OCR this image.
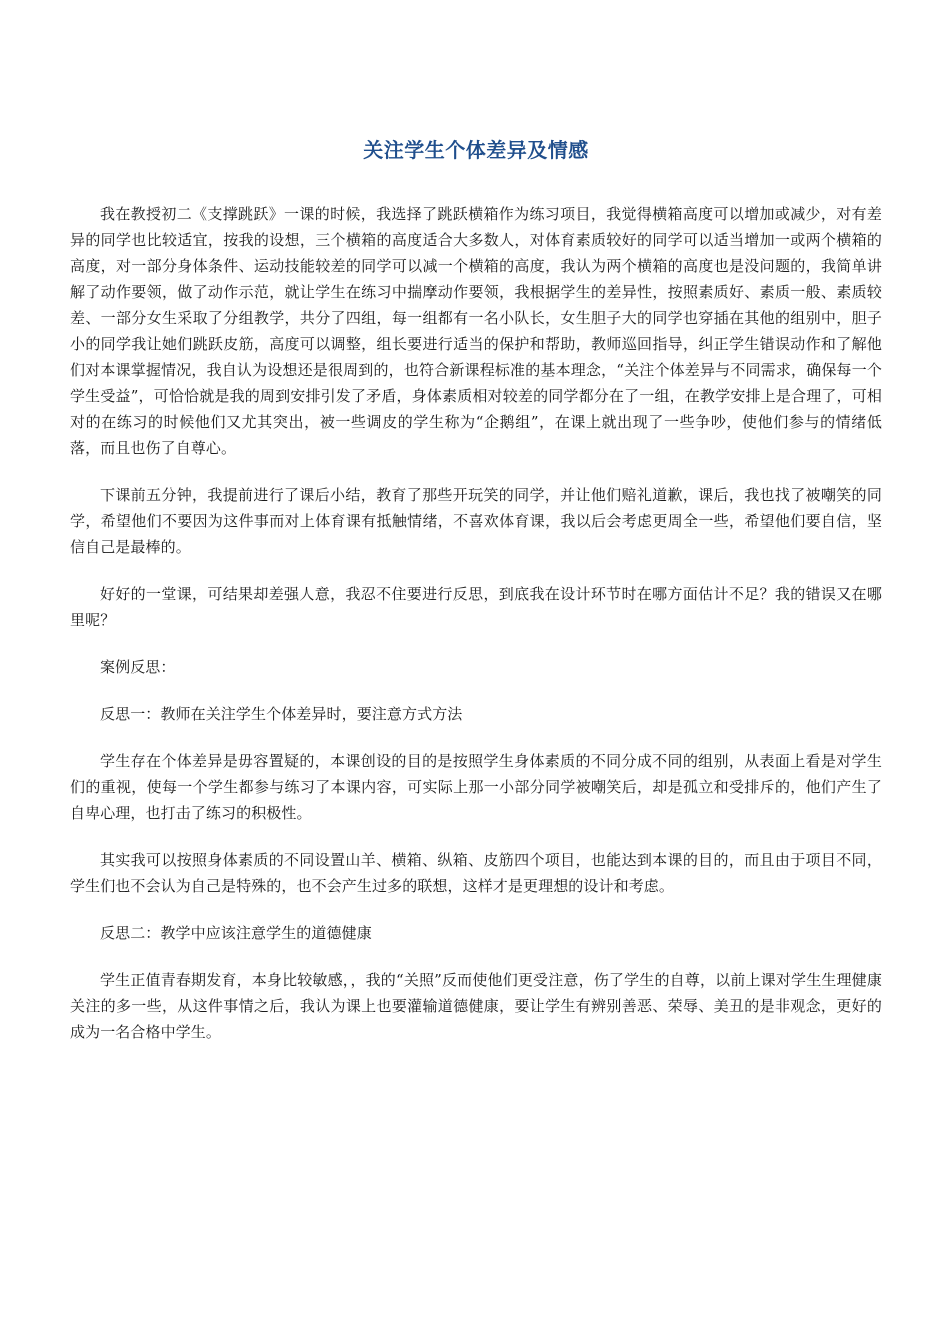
关注学生个体差异及情感

我在教授初二《支撑跳跃》一课的时候，我选择了跳跃横箱作为练习项目，我觉得横箱高度可以增加或减少，对有差异的同学也比较适宜，按我的设想，三个横箱的高度适合大多数人，对体育素质较好的同学可以适当增加一或两个横箱的高度，对一部分身体条件、运动技能较差的同学可以减一个横箱的高度，我认为两个横箱的高度也是没问题的，我简单讲解了动作要领，做了动作示范，就让学生在练习中揣摩动作要领，我根据学生的差异性，按照素质好、素质一般、素质较差、一部分女生采取了分组教学，共分了四组，每一组都有一名小队长，女生胆子大的同学也穿插在其他的组别中，胆子小的同学我让她们跳跃皮筋，高度可以调整，组长要进行适当的保护和帮助，教师巡回指导，纠正学生错误动作和了解他们对本课掌握情况，我自认为设想还是很周到的，也符合新课程标准的基本理念，“关注个体差异与不同需求，确保每一个学生受益”，可恰恰就是我的周到安排引发了矛盾，身体素质相对较差的同学都分在了一组，在教学安排上是合理了，可相对的在练习的时候他们又尤其突出，被一些调皮的学生称为“企鹅组”，在课上就出现了一些争吵，使他们参与的情绪低落，而且也伤了自尊心。

下课前五分钟，我提前进行了课后小结，教育了那些开玩笑的同学，并让他们赔礼道歉，课后，我也找了被嘲笑的同学，希望他们不要因为这件事而对上体育课有抵触情绪，不喜欢体育课，我以后会考虑更周全一些，希望他们要自信，坚信自己是最棒的。

好好的一堂课，可结果却差强人意，我忍不住要进行反思，到底我在设计环节时在哪方面估计不足？我的错误又在哪里呢？

案例反思：

反思一：教师在关注学生个体差异时，要注意方式方法

学生存在个体差异是毋容置疑的，本课创设的目的是按照学生身体素质的不同分成不同的组别，从表面上看是对学生们的重视，使每一个学生都参与练习了本课内容，可实际上那一小部分同学被嘲笑后，却是孤立和受排斥的，他们产生了自卑心理，也打击了练习的积极性。

其实我可以按照身体素质的不同设置山羊、横箱、纵箱、皮筋四个项目，也能达到本课的目的，而且由于项目不同，学生们也不会认为自己是特殊的，也不会产生过多的联想，这样才是更理想的设计和考虑。

反思二：教学中应该注意学生的道德健康

学生正值青春期发育，本身比较敏感，，我的“关照”反而使他们更受注意，伤了学生的自尊，以前上课对学生生理健康关注的多一些，从这件事情之后，我认为课上也要灌输道德健康，要让学生有辨别善恶、荣辱、美丑的是非观念，更好的成为一名合格中学生。
